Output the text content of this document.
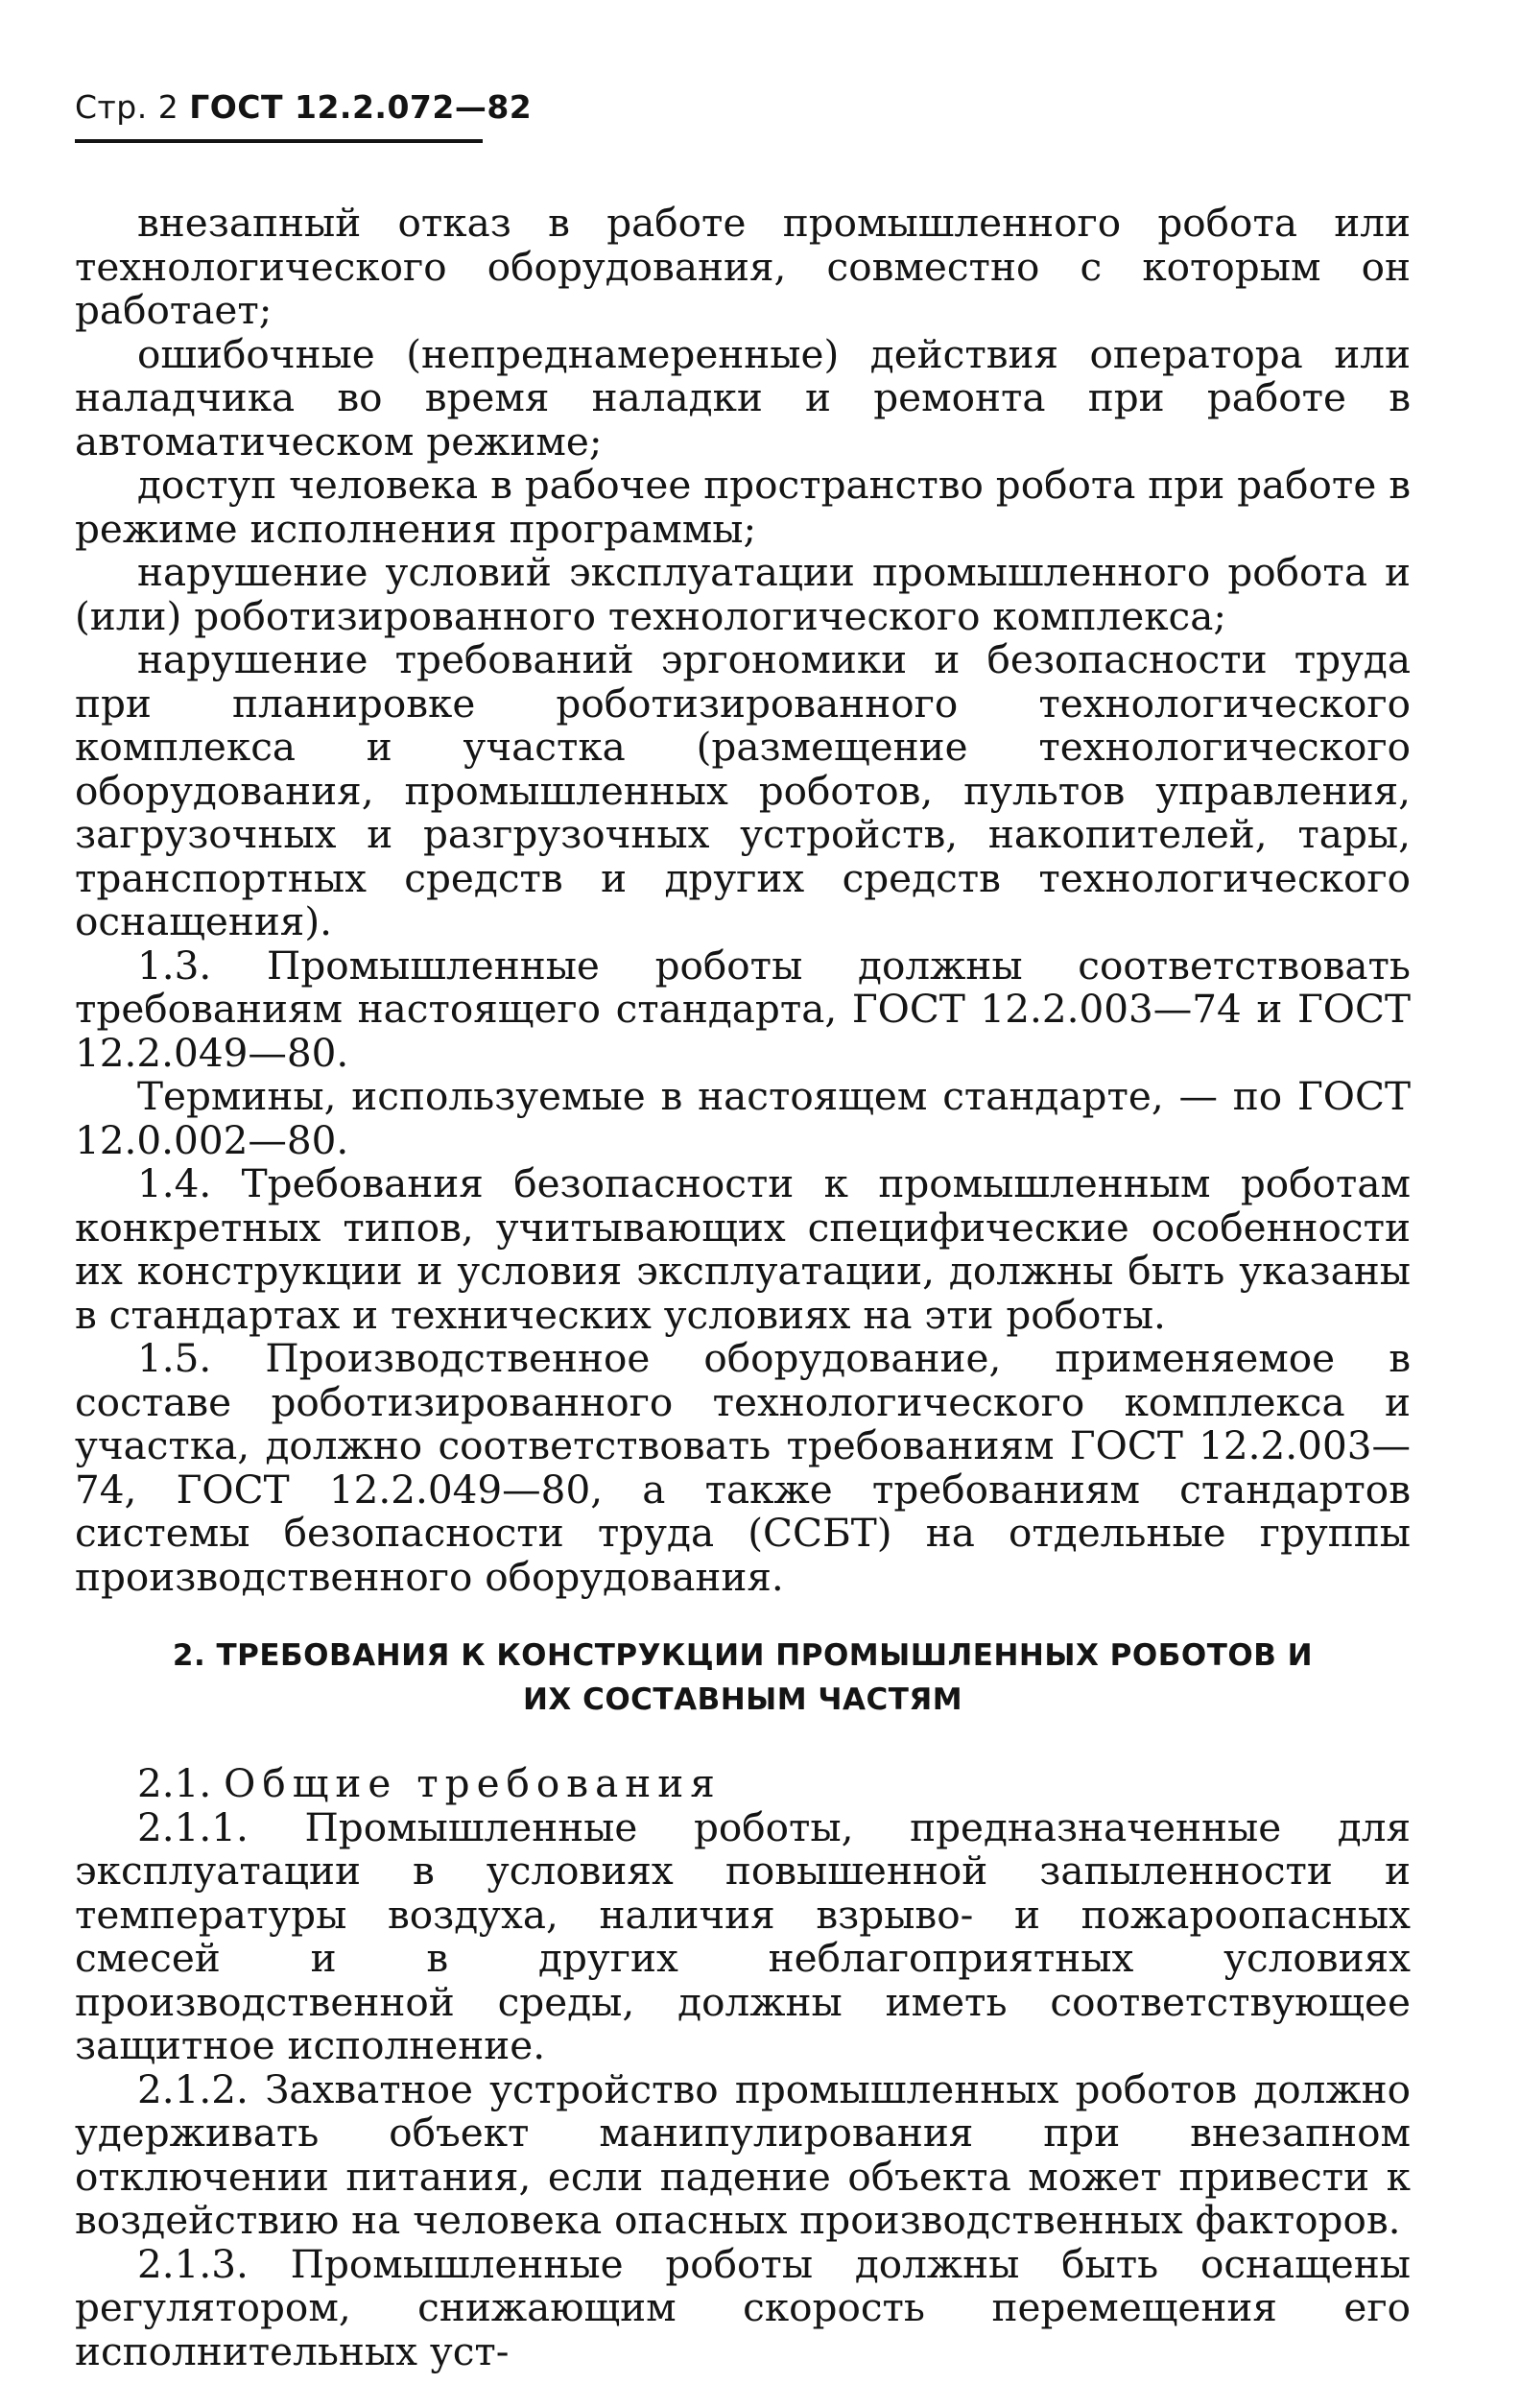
Стр. 2 ГОСТ 12.2.072—82

внезапный отказ в работе промышленного робота или технологического оборудования, совместно с которым он работает;

ошибочные (непреднамеренные) действия оператора или наладчика во время наладки и ремонта при работе в автоматическом режиме;

доступ человека в рабочее пространство робота при работе в режиме исполнения программы;

нарушение условий эксплуатации промышленного робота и (или) роботизированного технологического комплекса;

нарушение требований эргономики и безопасности труда при планировке роботизированного технологического комплекса и участка (размещение технологического оборудования, промышленных роботов, пультов управления, загрузочных и разгрузочных устройств, накопителей, тары, транспортных средств и других средств технологического оснащения).

1.3. Промышленные роботы должны соответствовать требованиям настоящего стандарта, ГОСТ 12.2.003—74 и ГОСТ 12.2.049—80.

Термины, используемые в настоящем стандарте, — по ГОСТ 12.0.002—80.

1.4. Требования безопасности к промышленным роботам конкретных типов, учитывающих специфические особенности их конструкции и условия эксплуатации, должны быть указаны в стандартах и технических условиях на эти роботы.

1.5. Производственное оборудование, применяемое в составе роботизированного технологического комплекса и участка, должно соответствовать требованиям ГОСТ 12.2.003—74, ГОСТ 12.2.049—80, а также требованиям стандартов системы безопасности труда (ССБТ) на отдельные группы производственного оборудования.

2. ТРЕБОВАНИЯ К КОНСТРУКЦИИ ПРОМЫШЛЕННЫХ РОБОТОВ И
ИХ СОСТАВНЫМ ЧАСТЯМ

2.1. Общие требования

2.1.1. Промышленные роботы, предназначенные для эксплуатации в условиях повышенной запыленности и температуры воздуха, наличия взрыво- и пожароопасных смесей и в других неблагоприятных условиях производственной среды, должны иметь соответствующее защитное исполнение.

2.1.2. Захватное устройство промышленных роботов должно удерживать объект манипулирования при внезапном отключении питания, если падение объекта может привести к воздействию на человека опасных производственных факторов.

2.1.3. Промышленные роботы должны быть оснащены регулятором, снижающим скорость перемещения его исполнительных уст-
